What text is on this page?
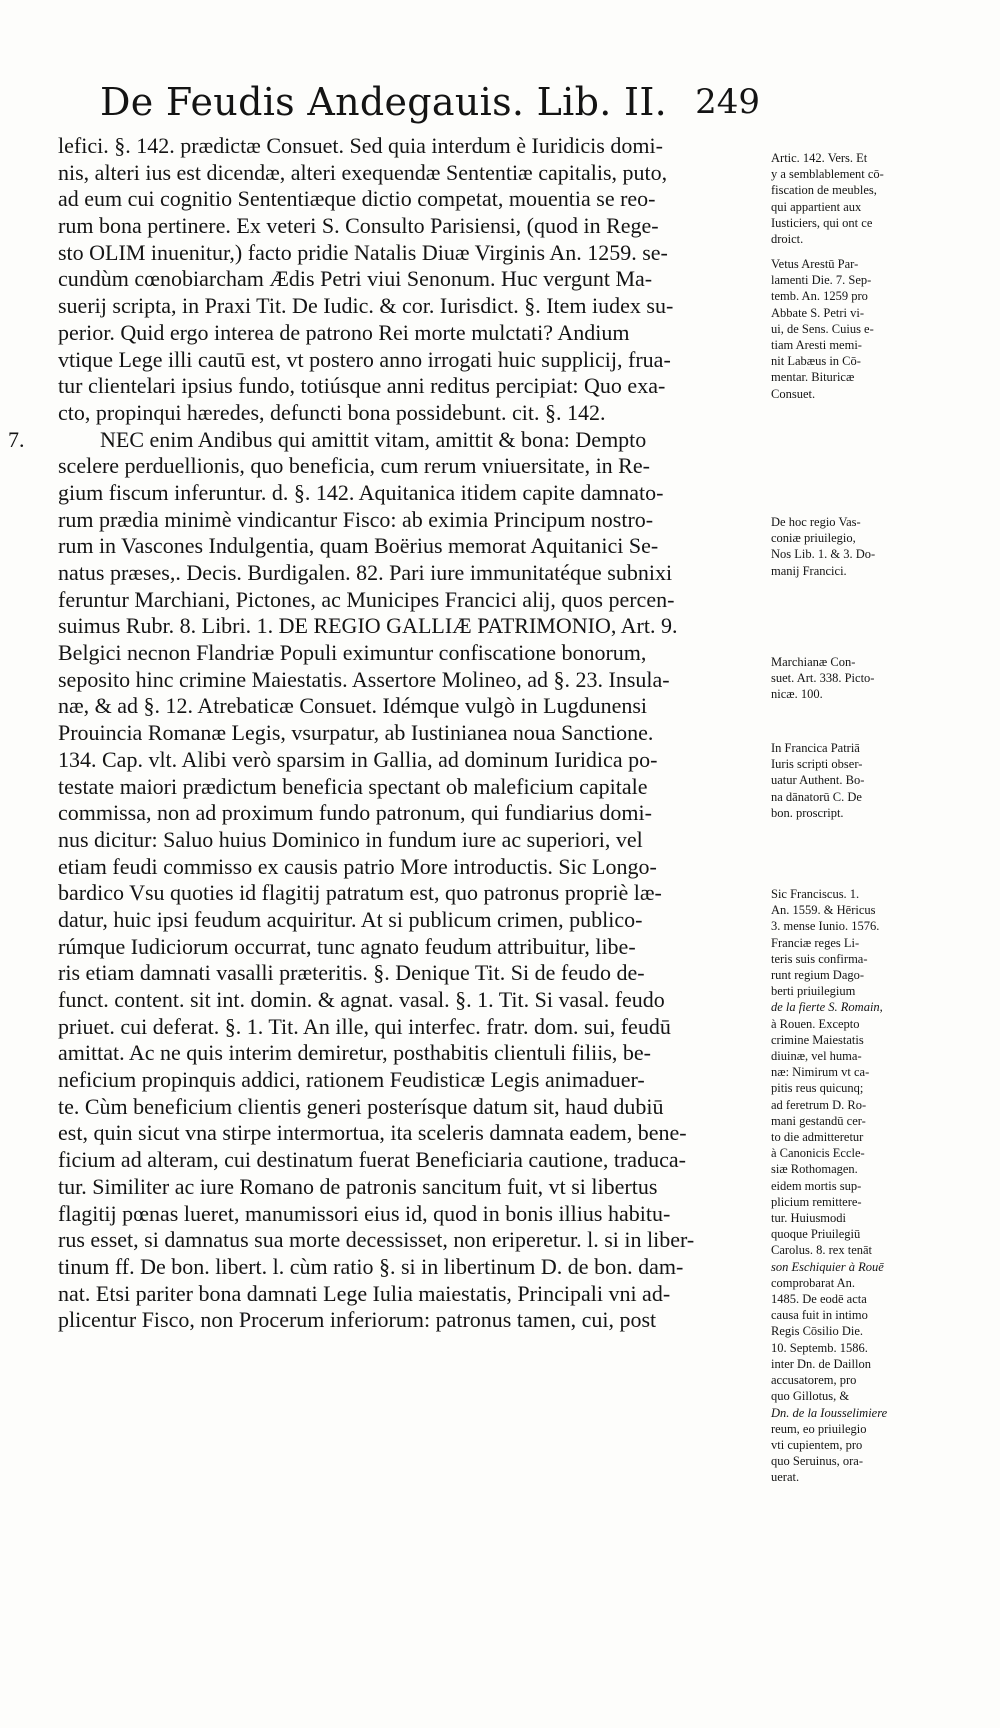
De Feudis Andegauis. Lib. II. 249
lefici. §. 142. prædictæ Consuet. Sed quia interdum è Iuridicis domi-
nis, alteri ius est dicendæ, alteri exequendæ Sententiæ capitalis, puto,
ad eum cui cognitio Sententiæque dictio competat, mouentia se reo-
rum bona pertinere. Ex veteri S. Consulto Parisiensi, (quod in Rege-
sto OLIM inuenitur,) facto pridie Natalis Diuæ Virginis An. 1259. se-
cundùm cœnobiarcham Ædis Petri viui Senonum. Huc vergunt Ma-
suerij scripta, in Praxi Tit. De Iudic. & cor. Iurisdict. §. Item iudex su-
perior. Quid ergo interea de patrono Rei morte mulctati? Andium
vtique Lege illi cautū est, vt postero anno irrogati huic supplicij, frua-
tur clientelari ipsius fundo, totiúsque anni reditus percipiat: Quo exa-
cto, propinqui hæredes, defuncti bona possidebunt. cit. §. 142.
7.	NEC enim Andibus qui amittit vitam, amittit & bona: Dempto
scelere perduellionis, quo beneficia, cum rerum vniuersitate, in Re-
gium fiscum inferuntur. d. §. 142. Aquitanica itidem capite damnato-
rum prædia minimè vindicantur Fisco: ab eximia Principum nostro-
rum in Vascones Indulgentia, quam Boërius memorat Aquitanici Se-
natus præses,. Decis. Burdigalen. 82. Pari iure immunitatéque subnixi
feruntur Marchiani, Pictones, ac Municipes Francici alij, quos percen-
suimus Rubr. 8. Libri. 1. DE REGIO GALLIÆ PATRIMONIO, Art. 9.
Belgici necnon Flandriæ Populi eximuntur confiscatione bonorum,
seposito hinc crimine Maiestatis. Assertore Molineo, ad §. 23. Insula-
næ, & ad §. 12. Atrebaticæ Consuet. Idémque vulgò in Lugdunensi
Prouincia Romanæ Legis, vsurpatur, ab Iustinianea noua Sanctione.
134. Cap. vlt. Alibi verò sparsim in Gallia, ad dominum Iuridica po-
testate maiori prædictum beneficia spectant ob maleficium capitale
commissa, non ad proximum fundo patronum, qui fundiarius domi-
nus dicitur: Saluo huius Dominico in fundum iure ac superiori, vel
etiam feudi commisso ex causis patrio More introductis. Sic Longo-
bardico Vsu quoties id flagitij patratum est, quo patronus propriè læ-
datur, huic ipsi feudum acquiritur. At si publicum crimen, publico-
rúmque Iudiciorum occurrat, tunc agnato feudum attribuitur, libe-
ris etiam damnati vasalli præteritis. §. Denique Tit. Si de feudo de-
funct. content. sit int. domin. & agnat. vasal. §. 1. Tit. Si vasal. feudo
priuet. cui deferat. §. 1. Tit. An ille, qui interfec. fratr. dom. sui, feudū
amittat. Ac ne quis interim demiretur, posthabitis clientuli filiis, be-
neficium propinquis addici, rationem Feudisticæ Legis animaduer-
te. Cùm beneficium clientis generi posterísque datum sit, haud dubiū
est, quin sicut vna stirpe intermortua, ita sceleris damnata eadem, bene-
ficium ad alteram, cui destinatum fuerat Beneficiaria cautione, traduca-
tur. Similiter ac iure Romano de patronis sancitum fuit, vt si libertus
flagitij pœnas lueret, manumissori eius id, quod in bonis illius habitu-
rus esset, si damnatus sua morte decessisset, non eriperetur. l. si in liber-
tinum ff. De bon. libert. l. cùm ratio §. si in libertinum D. de bon. dam-
nat. Etsi pariter bona damnati Lege Iulia maiestatis, Principali vni ad-
plicentur Fisco, non Procerum inferiorum: patronus tamen, cui, post
Artic. 142. Vers. Et
y a semblablement cō-
fiscation de meubles,
qui appartient aux
Iusticiers, qui ont ce
droict.
Vetus Arestū Par-
lamenti Die. 7. Sep-
temb. An. 1259 pro
Abbate S. Petri vi-
ui, de Sens. Cuius e-
tiam Aresti memi-
nit Labæus in Cō-
mentar. Bituricæ
Consuet.
De hoc regio Vas-
coniæ priuilegio,
Nos Lib. 1. & 3. Do-
manij Francici.
Marchianæ Con-
suet. Art. 338. Picto-
nicæ. 100.
In Francica Patriā
Iuris scripti obser-
uatur Authent. Bo-
na dānatorū C. De
bon. proscript.
Sic Franciscus. 1.
An. 1559. & Hēricus
3. mense Iunio. 1576.
Franciæ reges Li-
teris suis confirma-
runt regium Dago-
berti priuilegium
de la fierte S. Romain,
à Rouen. Excepto
crimine Maiestatis
diuinæ, vel huma-
næ: Nimirum vt ca-
pitis reus quicunq;
ad feretrum D. Ro-
mani gestandū cer-
to die admitteretur
à Canonicis Eccle-
siæ Rothomagen.
eidem mortis sup-
plicium remittere-
tur. Huiusmodi
quoque Priuilegiū
Carolus. 8. rex tenāt
son Eschiquier à Rouē
comprobarat An.
1485. De eodē acta
causa fuit in intimo
Regis Cōsilio Die.
10. Septemb. 1586.
inter Dn. de Daillon
accusatorem, pro
quo Gillotus, &
Dn. de la Iousselimiere
reum, eo priuilegio
vti cupientem, pro
quo Seruinus, ora-
uerat.
